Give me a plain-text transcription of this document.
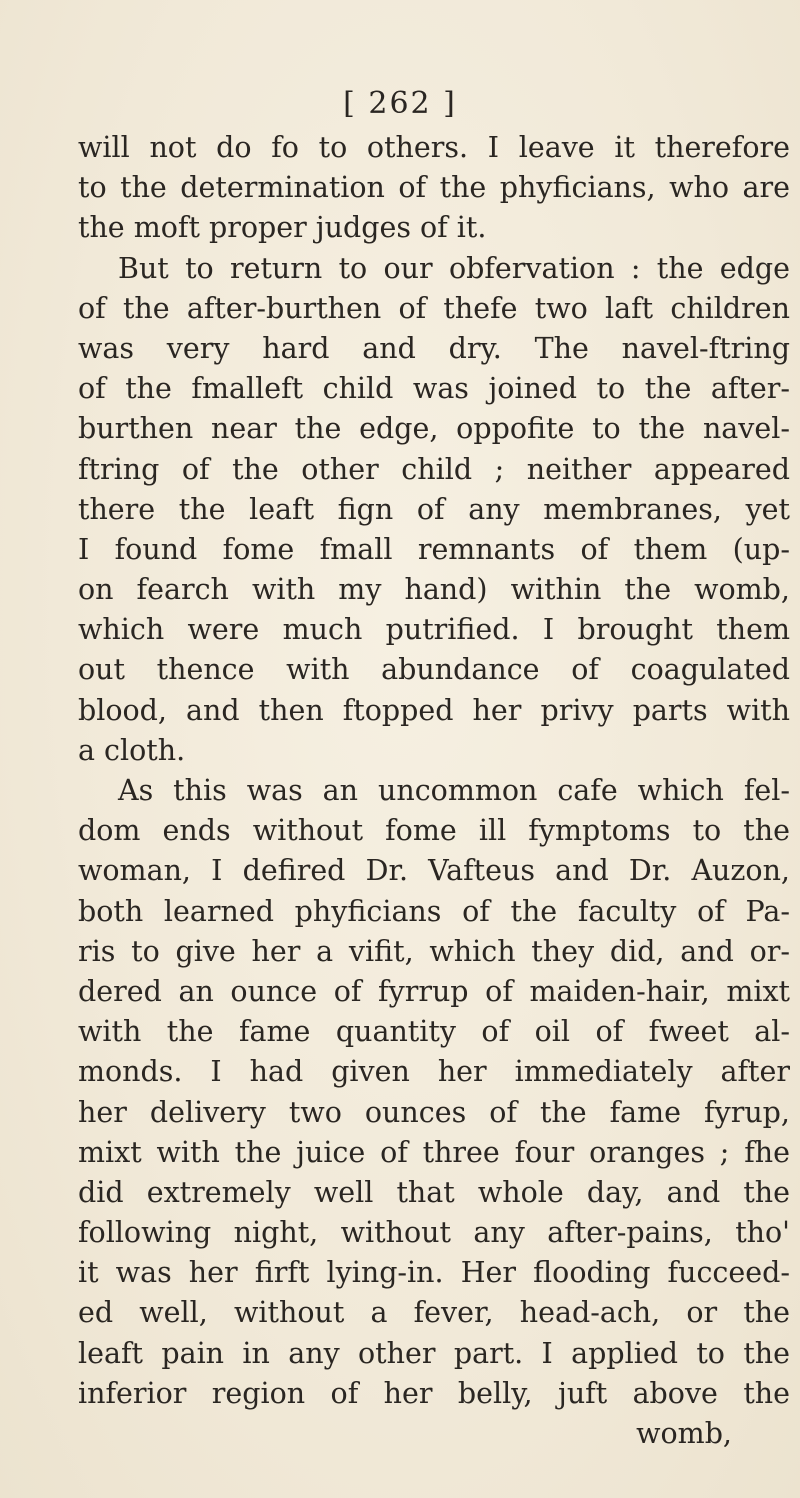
[ 262 ]
will not do fo to others. I leave it therefore
to the determination of the phyficians, who are
the moft proper judges of it.
But to return to our obfervation : the edge
of the after-burthen of thefe two laft children
was very hard and dry. The navel-ftring
of the fmalleft child was joined to the after-
burthen near the edge, oppofite to the navel-
ftring of the other child ; neither appeared
there the leaft fign of any membranes, yet
I found fome fmall remnants of them (up-
on fearch with my hand) within the womb,
which were much putrified. I brought them
out thence with abundance of coagulated
blood, and then ftopped her privy parts with
a cloth.
As this was an uncommon cafe which fel-
dom ends without fome ill fymptoms to the
woman, I defired Dr. Vafteus and Dr. Auzon,
both learned phyficians of the faculty of Pa-
ris to give her a vifit, which they did, and or-
dered an ounce of fyrrup of maiden-hair, mixt
with the fame quantity of oil of fweet al-
monds. I had given her immediately after
her delivery two ounces of the fame fyrup,
mixt with the juice of three four oranges ; fhe
did extremely well that whole day, and the
following night, without any after-pains, tho'
it was her firft lying-in. Her flooding fucceed-
ed well, without a fever, head-ach, or the
leaft pain in any other part. I applied to the
inferior region of her belly, juft above the
womb,
